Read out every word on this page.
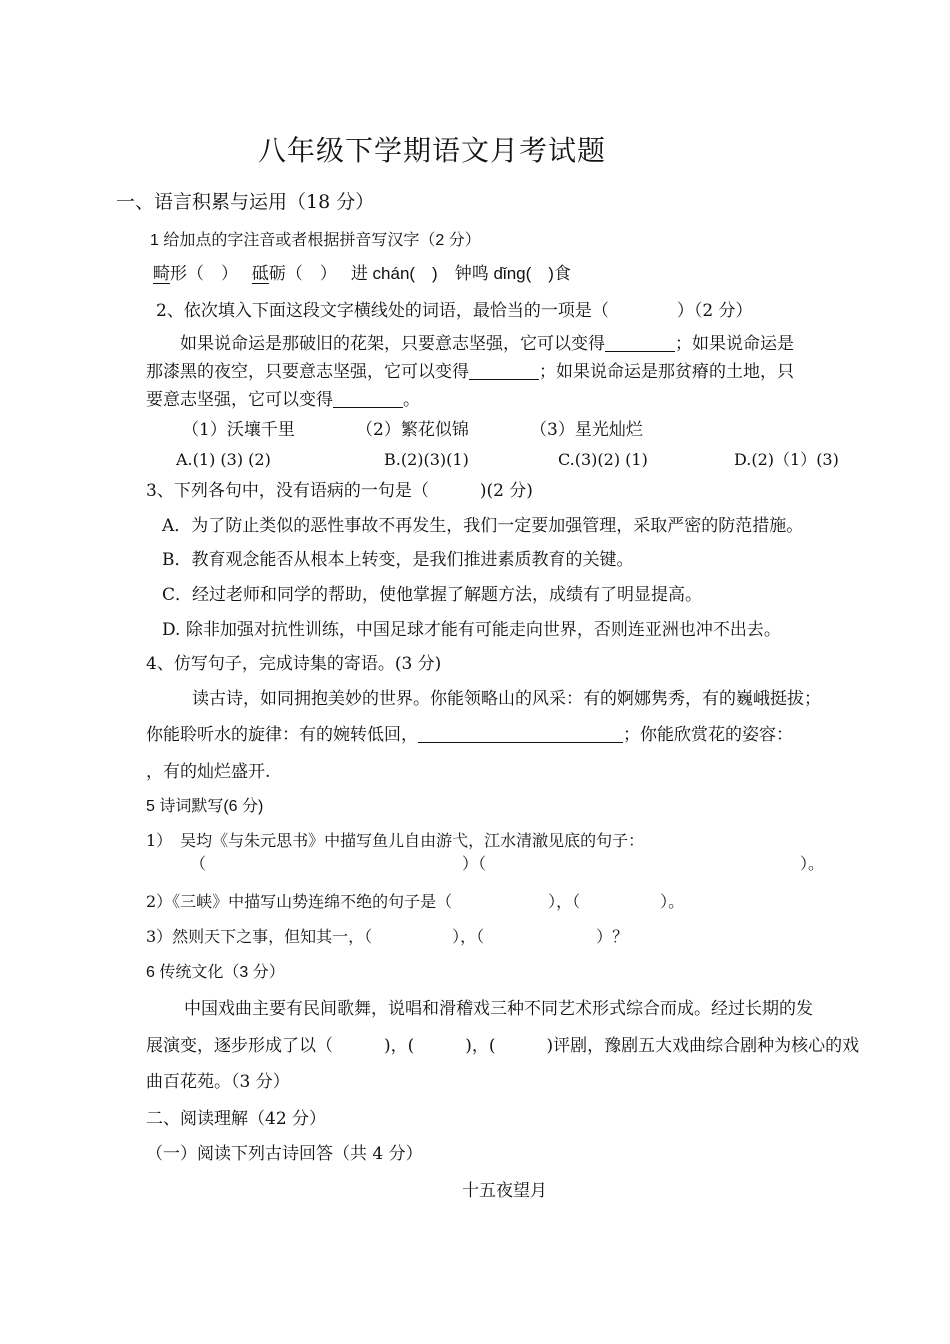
八年级下学期语文月考试题
一、语言积累与运用（18 分）
1 给加点的字注音或者根据拼音写汉字（2 分）
畸形（　）　 砥砺（　）　 进 chán(　)　 钟鸣 dǐng(　)食
2、依次填入下面这段文字横线处的词语，最恰当的一项是（　　　　）（2 分）
如果说命运是那破旧的花架，只要意志坚强，它可以变得	；如果说命运是
那漆黑的夜空，只要意志坚强，它可以变得	；如果说命运是那贫瘠的土地，只
要意志坚强，它可以变得	。
（1）沃壤千里	（2）繁花似锦	（3）星光灿烂
A.(1) (3) (2)	B.(2)(3)(1)	C.(3)(2) (1)	D.(2)（1）(3)
3、下列各句中，没有语病的一句是（　　　)(2 分)
A．为了防止类似的恶性事故不再发生，我们一定要加强管理，采取严密的防范措施。
B．教育观念能否从根本上转变，是我们推进素质教育的关键。
C．经过老师和同学的帮助，使他掌握了解题方法，成绩有了明显提高。
D. 除非加强对抗性训练，中国足球才能有可能走向世界，否则连亚洲也冲不出去。
4、仿写句子，完成诗集的寄语。(3 分)
读古诗，如同拥抱美妙的世界。你能领略山的风采：有的婀娜隽秀，有的巍峨挺拔；
你能聆听水的旋律：有的婉转低回，	；你能欣赏花的姿容：
，有的灿烂盛开.
5 诗词默写(6 分)
1）　吴均《与朱元思书》中描写鱼儿自由游弋，江水清澈见底的句子：
（	）（	）。
2）《三峡》中描写山势连绵不绝的句子是（　　　　　　），（　　　　　）。
3）然则天下之事，但知其一，（　　　　　），（　　　　　　　）？
6 传统文化（3 分）
中国戏曲主要有民间歌舞，说唱和滑稽戏三种不同艺术形式综合而成。经过长期的发
展演变，逐步形成了以（　　　)，(　　　)，(　　　)评剧，豫剧五大戏曲综合剧种为核心的戏
曲百花苑。（3 分）
二、阅读理解（42 分）
（一）阅读下列古诗回答（共 4 分）
十五夜望月
